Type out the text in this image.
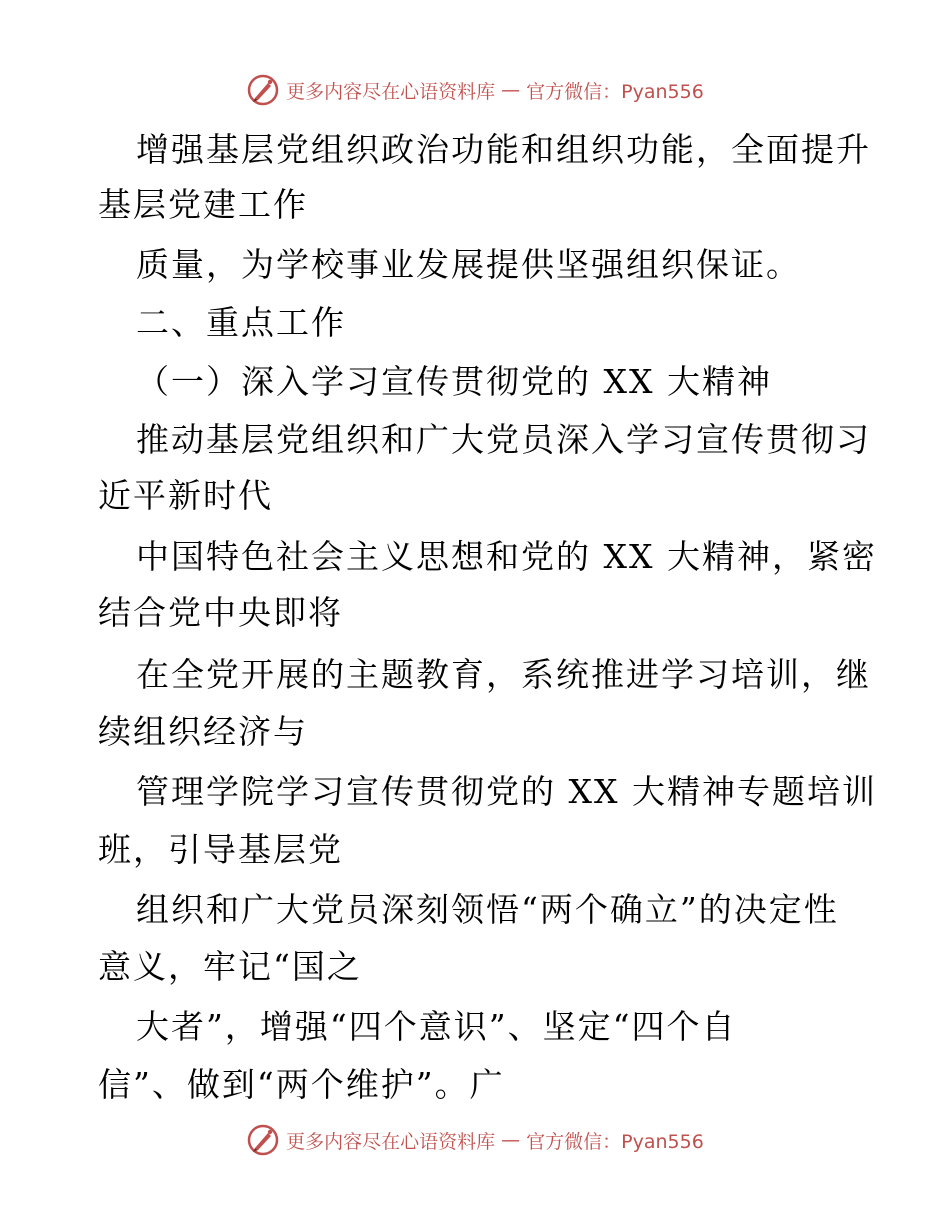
更多内容尽在心语资料库 — 官方微信：Pyan556
增强基层党组织政治功能和组织功能，全面提升
基层党建工作
质量，为学校事业发展提供坚强组织保证。
二、重点工作
（一）深入学习宣传贯彻党的 XX 大精神
推动基层党组织和广大党员深入学习宣传贯彻习
近平新时代
中国特色社会主义思想和党的 XX 大精神，紧密
结合党中央即将
在全党开展的主题教育，系统推进学习培训，继
续组织经济与
管理学院学习宣传贯彻党的 XX 大精神专题培训
班，引导基层党
组织和广大党员深刻领悟“两个确立”的决定性
意义，牢记“国之
大者”，增强“四个意识”、坚定“四个自
信”、做到“两个维护”。广
更多内容尽在心语资料库 — 官方微信：Pyan556
